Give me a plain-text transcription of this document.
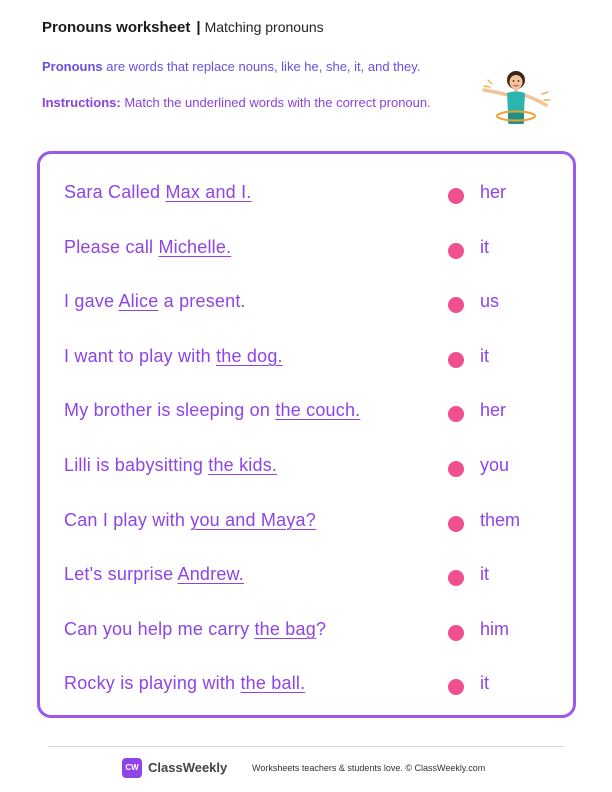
Pronouns worksheet | Matching pronouns

Pronouns are words that replace nouns, like he, she, it, and they.

Instructions: Match the underlined words with the correct pronoun.

Sara Called Max and I.	her
Please call Michelle.	it
I gave Alice a present.	us
I want to play with the dog.	it
My brother is sleeping on the couch.	her
Lilli is babysitting the kids.	you
Can I play with you and Maya?	them
Let's surprise Andrew.	it
Can you help me carry the bag?	him
Rocky is playing with the ball.	it
CW ClassWeekly	Worksheets teachers & students love. © ClassWeekly.com
